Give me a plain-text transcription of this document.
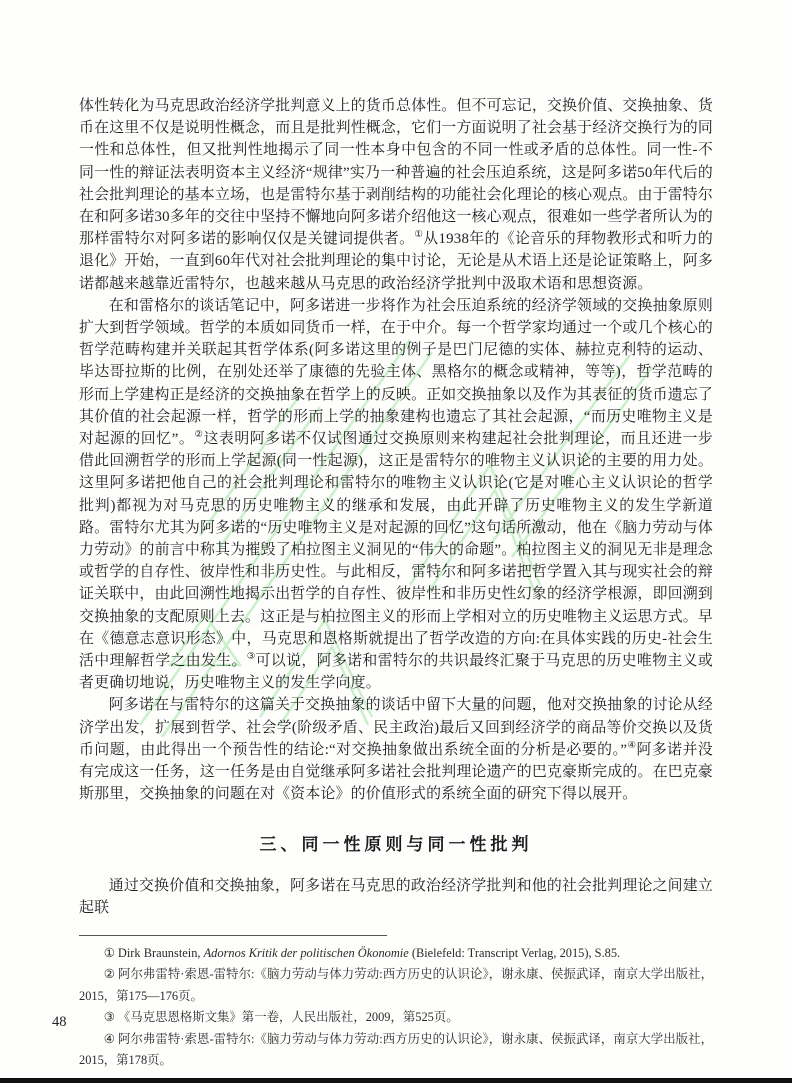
体性转化为马克思政治经济学批判意义上的货币总体性。但不可忘记，交换价值、交换抽象、货币在这里不仅是说明性概念，而且是批判性概念，它们一方面说明了社会基于经济交换行为的同一性和总体性，但又批判性地揭示了同一性本身中包含的不同一性或矛盾的总体性。同一性-不同一性的辩证法表明资本主义经济“规律”实乃一种普遍的社会压迫系统，这是阿多诺50年代后的社会批判理论的基本立场，也是雷特尔基于剥削结构的功能社会化理论的核心观点。由于雷特尔在和阿多诺30多年的交往中坚持不懈地向阿多诺介绍他这一核心观点，很难如一些学者所认为的那样雷特尔对阿多诺的影响仅仅是关键词提供者。①从1938年的《论音乐的拜物教形式和听力的退化》开始，一直到60年代对社会批判理论的集中讨论，无论是从术语上还是论证策略上，阿多诺都越来越靠近雷特尔，也越来越从马克思的政治经济学批判中汲取术语和思想资源。

在和雷格尔的谈话笔记中，阿多诺进一步将作为社会压迫系统的经济学领域的交换抽象原则扩大到哲学领域。哲学的本质如同货币一样，在于中介。每一个哲学家均通过一个或几个核心的哲学范畴构建并关联起其哲学体系(阿多诺这里的例子是巴门尼德的实体、赫拉克利特的运动、毕达哥拉斯的比例，在别处还举了康德的先验主体、黑格尔的概念或精神，等等)，哲学范畴的形而上学建构正是经济的交换抽象在哲学上的反映。正如交换抽象以及作为其表征的货币遗忘了其价值的社会起源一样，哲学的形而上学的抽象建构也遗忘了其社会起源，“而历史唯物主义是对起源的回忆”。②这表明阿多诺不仅试图通过交换原则来构建起社会批判理论，而且还进一步借此回溯哲学的形而上学起源(同一性起源)，这正是雷特尔的唯物主义认识论的主要的用力处。这里阿多诺把他自己的社会批判理论和雷特尔的唯物主义认识论(它是对唯心主义认识论的哲学批判)都视为对马克思的历史唯物主义的继承和发展，由此开辟了历史唯物主义的发生学新道路。雷特尔尤其为阿多诺的“历史唯物主义是对起源的回忆”这句话所激动，他在《脑力劳动与体力劳动》的前言中称其为摧毁了柏拉图主义洞见的“伟大的命题”。柏拉图主义的洞见无非是理念或哲学的自存性、彼岸性和非历史性。与此相反，雷特尔和阿多诺把哲学置入其与现实社会的辩证关联中，由此回溯性地揭示出哲学的自存性、彼岸性和非历史性幻象的经济学根源，即回溯到交换抽象的支配原则上去。这正是与柏拉图主义的形而上学相对立的历史唯物主义运思方式。早在《德意志意识形态》中，马克思和恩格斯就提出了哲学改造的方向:在具体实践的历史-社会生活中理解哲学之由发生。③可以说，阿多诺和雷特尔的共识最终汇聚于马克思的历史唯物主义或者更确切地说，历史唯物主义的发生学向度。

阿多诺在与雷特尔的这篇关于交换抽象的谈话中留下大量的问题，他对交换抽象的讨论从经济学出发，扩展到哲学、社会学(阶级矛盾、民主政治)最后又回到经济学的商品等价交换以及货币问题，由此得出一个预告性的结论:“对交换抽象做出系统全面的分析是必要的。”④阿多诺并没有完成这一任务，这一任务是由自觉继承阿多诺社会批判理论遗产的巴克豪斯完成的。在巴克豪斯那里，交换抽象的问题在对《资本论》的价值形式的系统全面的研究下得以展开。

三、同一性原则与同一性批判

通过交换价值和交换抽象，阿多诺在马克思的政治经济学批判和他的社会批判理论之间建立起联

① Dirk Braunstein, Adornos Kritik der politischen Ökonomie (Bielefeld: Transcript Verlag, 2015), S.85.

② 阿尔弗雷特·索恩-雷特尔:《脑力劳动与体力劳动:西方历史的认识论》，谢永康、侯振武译，南京大学出版社，2015，第175—176页。

③ 《马克思恩格斯文集》第一卷，人民出版社，2009，第525页。

④ 阿尔弗雷特·索恩-雷特尔:《脑力劳动与体力劳动:西方历史的认识论》，谢永康、侯振武译，南京大学出版社，2015，第178页。

48
